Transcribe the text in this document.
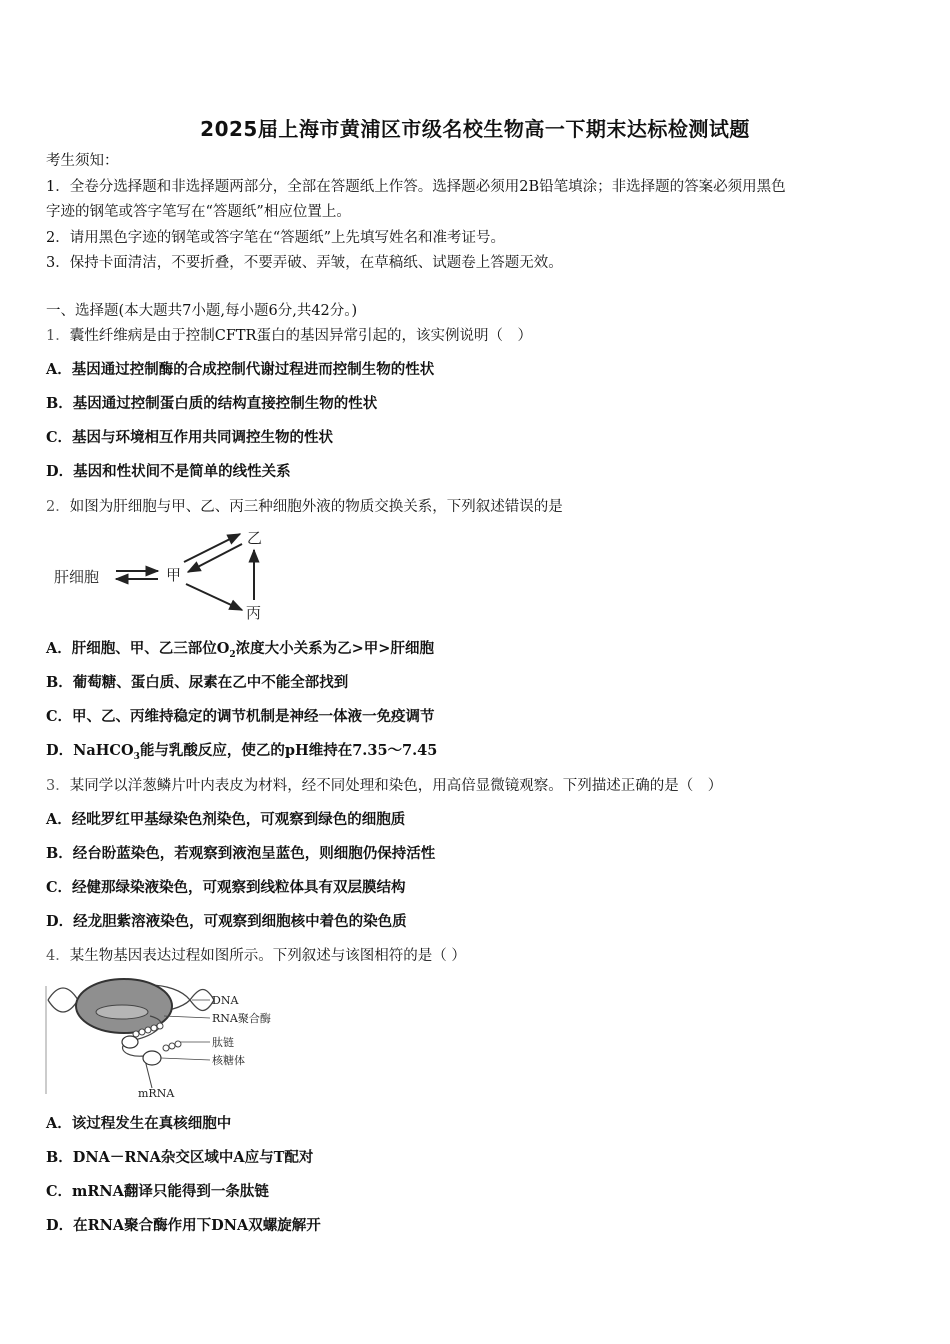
2025届上海市黄浦区市级名校生物高一下期末达标检测试题
考生须知：
1．全卷分选择题和非选择题两部分，全部在答题纸上作答。选择题必须用2B铅笔填涂；非选择题的答案必须用黑色
字迹的钢笔或答字笔写在“答题纸”相应位置上。
2．请用黑色字迹的钢笔或答字笔在“答题纸”上先填写姓名和准考证号。
3．保持卡面清洁，不要折叠，不要弄破、弄皱，在草稿纸、试题卷上答题无效。
一、选择题(本大题共7小题,每小题6分,共42分。)
1．囊性纤维病是由于控制CFTR蛋白的基因异常引起的，该实例说明（　）
A．基因通过控制酶的合成控制代谢过程进而控制生物的性状
B．基因通过控制蛋白质的结构直接控制生物的性状
C．基因与环境相互作用共同调控生物的性状
D．基因和性状间不是简单的线性关系
2．如图为肝细胞与甲、乙、丙三种细胞外液的物质交换关系，下列叙述错误的是
肝细胞	甲
乙
丙
A．肝细胞、甲、乙三部位$O_2$浓度大小关系为乙>甲>肝细胞
B．葡萄糖、蛋白质、尿素在乙中不能全部找到
C．甲、乙、丙维持稳定的调节机制是神经一体液一免疫调节
D．NaHCO$_3$能与乳酸反应，使乙的pH维持在7.35～7.45
3．某同学以洋葱鳞片叶内表皮为材料，经不同处理和染色，用高倍显微镜观察。下列描述正确的是（　）
A．经吡罗红甲基绿染色剂染色，可观察到绿色的细胞质
B．经台盼蓝染色，若观察到液泡呈蓝色，则细胞仍保持活性
C．经健那绿染液染色，可观察到线粒体具有双层膜结构
D．经龙胆紫溶液染色，可观察到细胞核中着色的染色质
4．某生物基因表达过程如图所示。下列叙述与该图相符的是（ ）
DNA
RNA聚合酶
肽链
核糖体
mRNA
A．该过程发生在真核细胞中
B．DNA－RNA杂交区域中A应与T配对
C．mRNA翻译只能得到一条肽链
D．在RNA聚合酶作用下DNA双螺旋解开
